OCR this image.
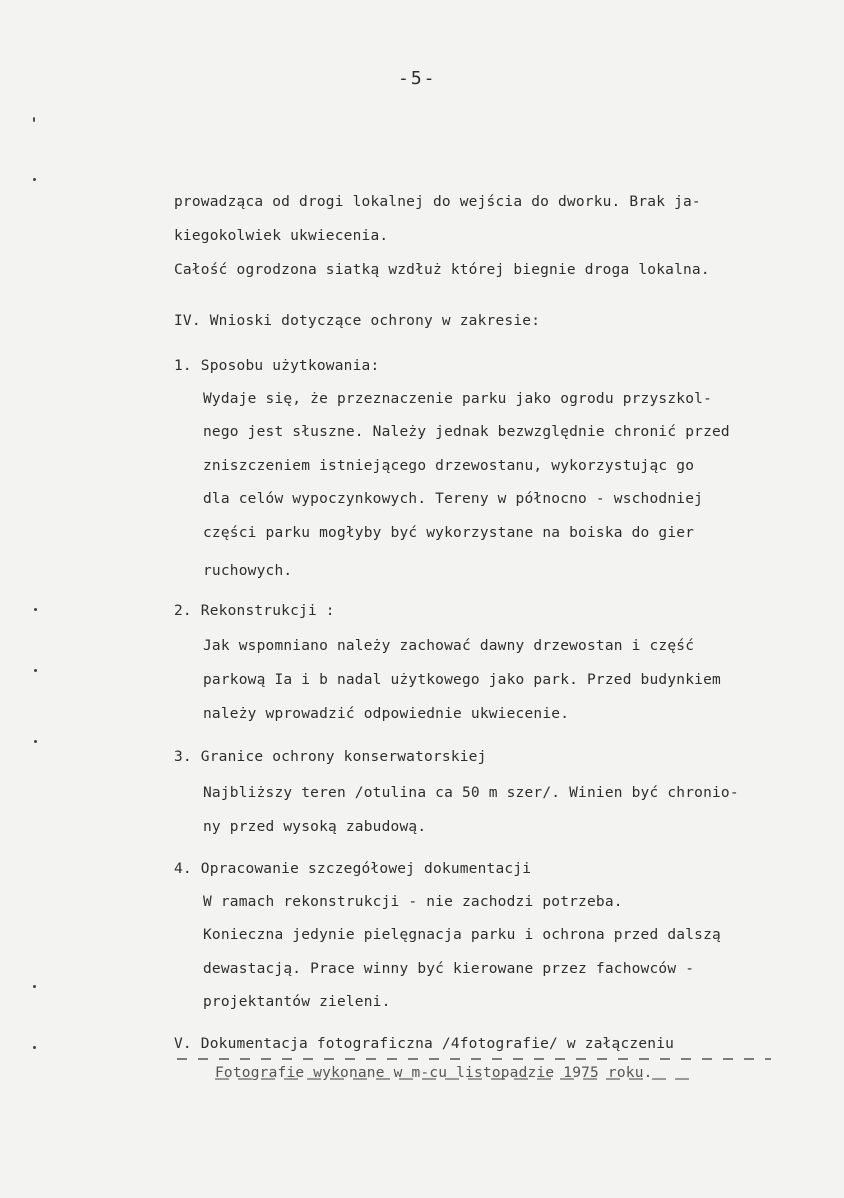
-5-
prowadząca od drogi lokalnej do wejścia do dworku. Brak ja-
kiegokolwiek ukwiecenia.
Całość ogrodzona siatką wzdłuż której biegnie droga lokalna.
IV. Wnioski dotyczące ochrony w zakresie:
1. Sposobu użytkowania:
Wydaje się, że przeznaczenie parku jako ogrodu przyszkol-
nego jest słuszne. Należy jednak bezwzględnie chronić przed
zniszczeniem istniejącego drzewostanu, wykorzystując go
dla celów wypoczynkowych. Tereny w północno - wschodniej
części parku mogłyby być wykorzystane na boiska do gier
ruchowych.
2. Rekonstrukcji :
Jak wspomniano należy zachować dawny drzewostan i część
parkową Ia i b nadal użytkowego jako park. Przed budynkiem
należy wprowadzić odpowiednie ukwiecenie.
3. Granice ochrony konserwatorskiej
Najbliższy teren /otulina ca 50 m szer/. Winien być chronio-
ny przed wysoką zabudową.
4. Opracowanie szczegółowej dokumentacji
W ramach rekonstrukcji - nie zachodzi potrzeba.
Konieczna jedynie pielęgnacja parku i ochrona przed dalszą
dewastacją. Prace winny być kierowane przez fachowców -
projektantów zieleni.
V. Dokumentacja fotograficzna /4fotografie/ w załączeniu
Fotografie wykonane w m-cu listopadzie 1975 roku.
